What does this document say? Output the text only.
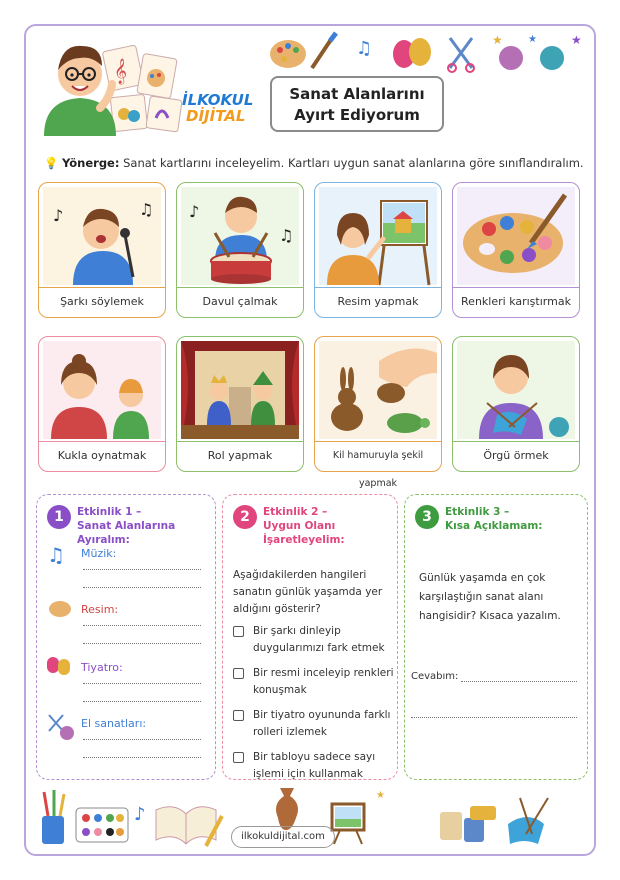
𝄞
İLKOKUL
DİJİTAL
Sanat Alanlarını
Ayırt Ediyorum
♫	★	★
★
💡 Yönerge: Sanat kartlarını inceleyelim. Kartları uygun sanat alanlarına göre sınıflandıralım.
♪	♫
Şarkı söylemek
♪
♫
Davul çalmak	Resim yapmak	Renkleri karıştırmak
Kukla oynatmak	Rol yapmak	Kil hamuruyla şekil yapmak
Örgü örmek
1	Etkinlik 1 –
Sanat Alanlarına Ayıralım:
♫ Müzik:
Resim:
Tiyatro:
El sanatları:
2	Etkinlik 2 –
Uygun Olanı İşaretleyelim:
Aşağıdakilerden hangileri sanatın günlük yaşamda yer aldığını gösterir?
Bir şarkı dinleyip duygularımızı fark etmek
Bir resmi inceleyip renkleri konuşmak
Bir tiyatro oyununda farklı rolleri izlemek
Bir tabloyu sadece sayı işlemi için kullanmak
3	Etkinlik 3 –
Kısa Açıklamam:
Günlük yaşamda en çok karşılaştığın sanat alanı hangisidir? Kısaca yazalım.
Cevabım:
♪
★
ilkokuldijital.com
